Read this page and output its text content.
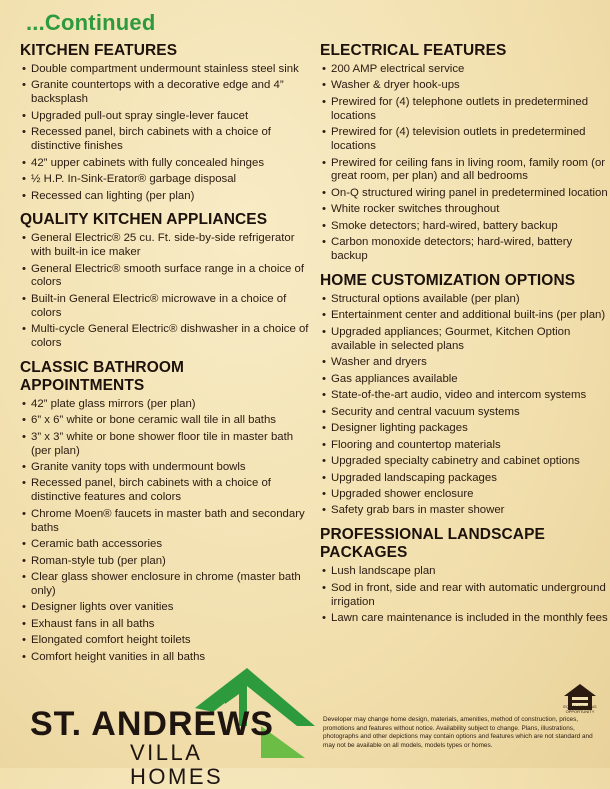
...Continued
KITCHEN FEATURES
• Double compartment undermount stainless steel sink
• Granite countertops with a decorative edge and 4” backsplash
• Upgraded pull-out spray single-lever faucet
• Recessed panel, birch cabinets with a choice of distinctive finishes
• 42” upper cabinets with fully concealed hinges
• ½ H.P. In-Sink-Erator® garbage disposal
• Recessed can lighting (per plan)
QUALITY KITCHEN APPLIANCES
• General Electric® 25 cu. Ft. side-by-side refrigerator with built-in ice maker
• General Electric® smooth surface range in a choice of colors
• Built-in General Electric® microwave in a choice of colors
• Multi-cycle General Electric® dishwasher in a choice of colors
CLASSIC BATHROOM APPOINTMENTS
• 42” plate glass mirrors (per plan)
• 6” x 6” white or bone ceramic wall tile in all baths
• 3” x 3” white or bone shower floor tile in master bath (per plan)
• Granite vanity tops with undermount bowls
• Recessed panel, birch cabinets with a choice of distinctive features and colors
• Chrome Moen® faucets in master bath and secondary baths
• Ceramic bath accessories
• Roman-style tub (per plan)
• Clear glass shower enclosure in chrome (master bath only)
• Designer lights over vanities
• Exhaust fans in all baths
• Elongated comfort height toilets
• Comfort height vanities in all baths
ELECTRICAL FEATURES
• 200 AMP electrical service
• Washer & dryer hook-ups
• Prewired for (4) telephone outlets in predetermined locations
• Prewired for (4) television outlets in predetermined locations
• Prewired for ceiling fans in living room, family room (or great room, per plan) and all bedrooms
• On-Q structured wiring panel in predetermined location
• White rocker switches throughout
• Smoke detectors; hard-wired, battery backup
• Carbon monoxide detectors; hard-wired, battery backup
HOME CUSTOMIZATION OPTIONS
• Structural options available (per plan)
• Entertainment center and additional built-ins (per plan)
• Upgraded appliances; Gourmet, Kitchen Option available in selected plans
• Washer and dryers
• Gas appliances available
• State-of-the-art audio, video and intercom systems
• Security and central vacuum systems
• Designer lighting packages
• Flooring and countertop materials
• Upgraded specialty cabinetry and cabinet options
• Upgraded landscaping packages
• Upgraded shower enclosure
• Safety grab bars in master shower
PROFESSIONAL LANDSCAPE PACKAGES
• Lush landscape plan
• Sod in front, side and rear with automatic underground irrigation
• Lawn care maintenance is included in the monthly fees
ST. ANDREWS
VILLA HOMES
EQUAL HOUSING OPPORTUNITY
Developer may change home design, materials, amenities, method of construction, prices, promotions and features without notice. Availability subject to change. Plans, illustrations, photographs and other depictions may contain options and features which are not standard and may not be available on all models, models types or homes.
